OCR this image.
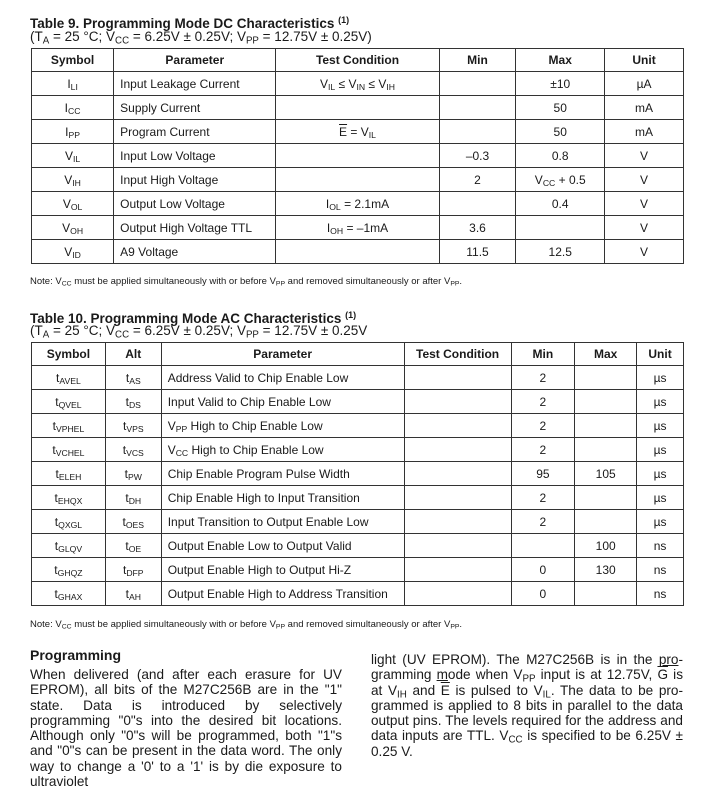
Table 9. Programming Mode DC Characteristics $^{(1)}$
($T_A = 25$ °C; $V_{CC} = 6.25V \pm 0.25V$; $V_{PP} = 12.75V \pm 0.25V$)
Symbol	Parameter	Test Condition	Min	Max	Unit
$I_{LI}$	Input Leakage Current	$V_{IL} \le V_{IN} \le V_{IH}$		±10	µA
$I_{CC}$	Supply Current			50	mA
$I_{PP}$	Program Current	$\overline{E} = V_{IL}$		50	mA
$V_{IL}$	Input Low Voltage		–0.3	0.8	V
$V_{IH}$	Input High Voltage		2	$V_{CC} + 0.5$	V
$V_{OL}$	Output Low Voltage	$I_{OL} = 2.1mA$		0.4	V
$V_{OH}$	Output High Voltage TTL	$I_{OH} = -1mA$	3.6		V
$V_{ID}$	A9 Voltage		11.5	12.5	V
Note: $V_{CC}$ must be applied simultaneously with or before $V_{PP}$ and removed simultaneously or after $V_{PP}$.
Table 10. Programming Mode AC Characteristics $^{(1)}$
($T_A = 25$ °C; $V_{CC} = 6.25V \pm 0.25V$; $V_{PP} = 12.75V \pm 0.25V$
Symbol	Alt	Parameter	Test Condition	Min	Max	Unit
$t_{AVEL}$	$t_{AS}$	Address Valid to Chip Enable Low		2		µs
$t_{QVEL}$	$t_{DS}$	Input Valid to Chip Enable Low		2		µs
$t_{VPHEL}$	$t_{VPS}$	$V_{PP}$ High to Chip Enable Low		2		µs
$t_{VCHEL}$	$t_{VCS}$	$V_{CC}$ High to Chip Enable Low		2		µs
$t_{ELEH}$	$t_{PW}$	Chip Enable Program Pulse Width		95	105	µs
$t_{EHQX}$	$t_{DH}$	Chip Enable High to Input Transition		2		µs
$t_{QXGL}$	$t_{OES}$	Input Transition to Output Enable Low		2		µs
$t_{GLQV}$	$t_{OE}$	Output Enable Low to Output Valid			100	ns
$t_{GHQZ}$	$t_{DFP}$	Output Enable High to Output Hi-Z		0	130	ns
$t_{GHAX}$	$t_{AH}$	Output Enable High to Address Transition		0		ns
Note: $V_{CC}$ must be applied simultaneously with or before $V_{PP}$ and removed simultaneously or after $V_{PP}$.
Programming
When delivered (and after each erasure for UV EPROM), all bits of the M27C256B are in the "1" state. Data is introduced by selectively programming "0"s into the desired bit locations. Although only "0"s will be programmed, both "1"s and "0"s can be present in the data word. The only way to change a '0' to a '1' is by die exposure to ultraviolet
light (UV EPROM). The M27C256B is in the pro-gramming mode when $V_{PP}$ input is at 12.75V, $\overline{G}$ is at $V_{IH}$ and $\overline{E}$ is pulsed to $V_{IL}$. The data to be pro-grammed is applied to 8 bits in parallel to the data output pins. The levels required for the address and data inputs are TTL. $V_{CC}$ is specified to be 6.25V ± 0.25 V.
